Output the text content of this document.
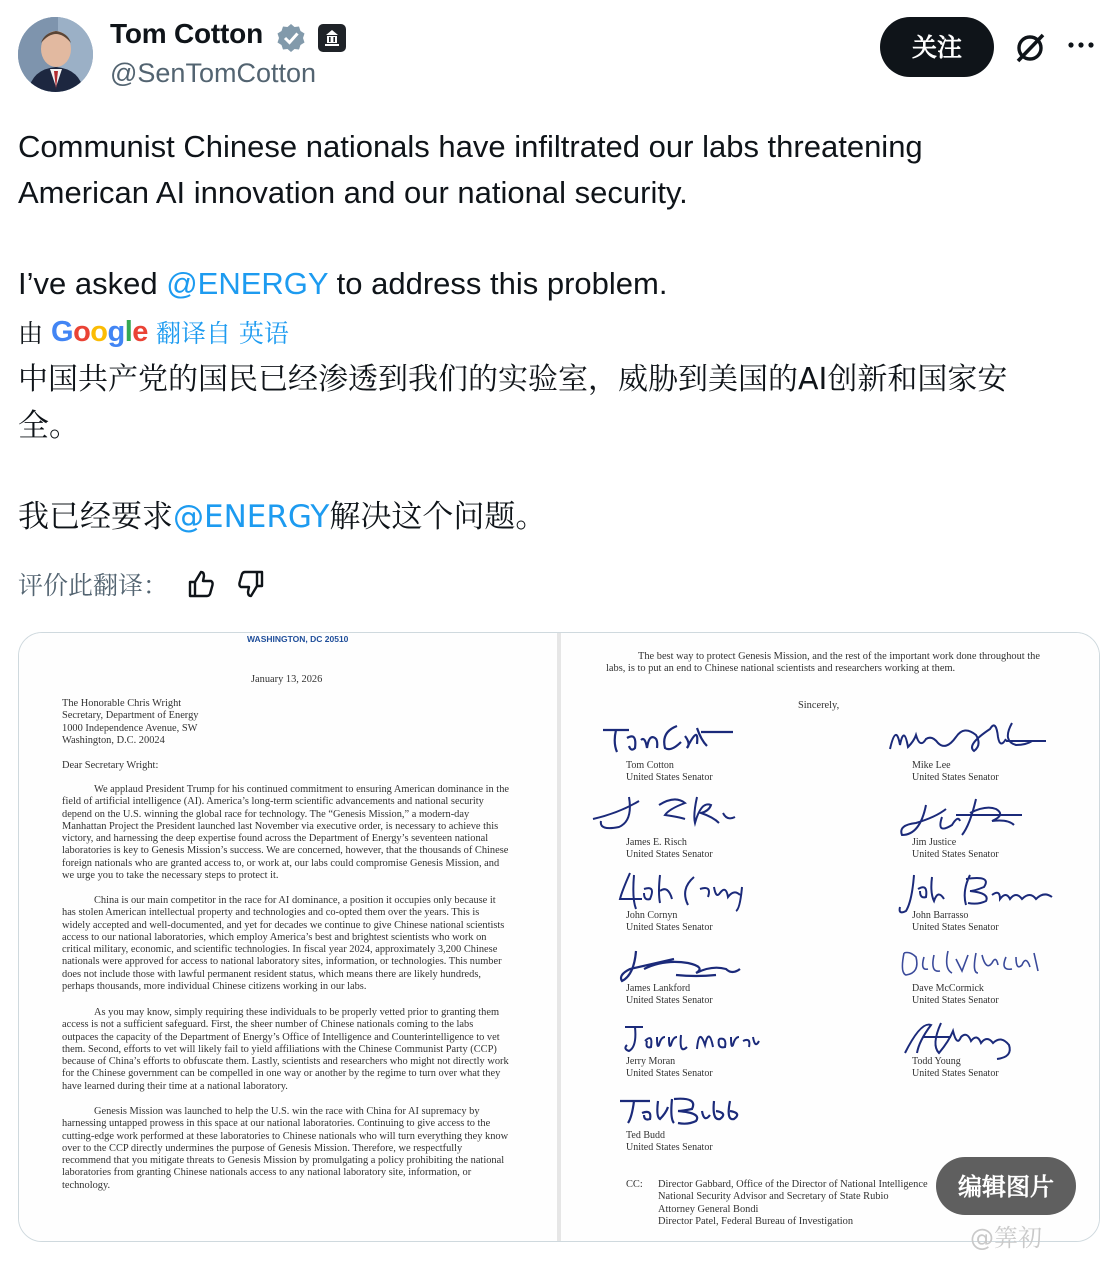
Tom Cotton
@SenTomCotton
关注
Communist Chinese nationals have infiltrated our labs threatening
American AI innovation and our national security.
I’ve asked @ENERGY to address this problem.
由 Google 翻译自 英语
中国共产党的国民已经渗透到我们的实验室，威胁到美国的AI创新和国家安
全。
我已经要求@ENERGY解决这个问题。
评价此翻译：
WASHINGTON, DC 20510
January 13, 2026

The Honorable Chris Wright

Secretary, Department of Energy

1000 Independence Avenue, SW

Washington, D.C. 20024

Dear Secretary Wright:

We applaud President Trump for his continued commitment to ensuring American dominance in the field of artificial intelligence (AI). America’s long-term scientific advancements and national security depend on the U.S. winning the global race for technology. The “Genesis Mission,” a modern-day Manhattan Project the President launched last November via executive order, is necessary to achieve this victory, and harnessing the deep expertise found across the Department of Energy’s seventeen national laboratories is key to Genesis Mission’s success. We are concerned, however, that the thousands of Chinese foreign nationals who are granted access to, or work at, our labs could compromise Genesis Mission, and we urge you to take the necessary steps to protect it.

China is our main competitor in the race for AI dominance, a position it occupies only because it has stolen American intellectual property and technologies and co-opted them over the years. This is widely accepted and well-documented, and yet for decades we continue to give Chinese national scientists access to our national laboratories, which employ America’s best and brightest scientists who work on critical military, economic, and scientific technologies. In fiscal year 2024, approximately 3,200 Chinese nationals were approved for access to national laboratory sites, information, or technologies. This number does not include those with lawful permanent resident status, which means there are likely hundreds, perhaps thousands, more individual Chinese citizens working in our labs.

As you may know, simply requiring these individuals to be properly vetted prior to granting them access is not a sufficient safeguard. First, the sheer number of Chinese nationals coming to the labs outpaces the capacity of the Department of Energy’s Office of Intelligence and Counterintelligence to vet them. Second, efforts to vet will likely fail to yield affiliations with the Chinese Communist Party (CCP) because of China’s efforts to obfuscate them. Lastly, scientists and researchers who might not directly work for the Chinese government can be compelled in one way or another by the regime to turn over what they have learned during their time at a national laboratory.

Genesis Mission was launched to help the U.S. win the race with China for AI supremacy by harnessing untapped prowess in this space at our national laboratories. Continuing to give access to the cutting-edge work performed at these laboratories to Chinese nationals who will turn everything they know over to the CCP directly undermines the purpose of Genesis Mission. Therefore, we respectfully recommend that you mitigate threats to Genesis Mission by promulgating a policy prohibiting the national laboratories from granting Chinese nationals access to any national laboratory site, information, or technology.

The best way to protect Genesis Mission, and the rest of the important work done throughout the labs, is to put an end to Chinese national scientists and researchers working at them.

Sincerely,
Tom Cotton
United States Senator
Mike Lee
United States Senator
James E. Risch
United States Senator
Jim Justice
United States Senator
John Cornyn
United States Senator
John Barrasso
United States Senator
James Lankford
United States Senator
Dave McCormick
United States Senator
Jerry Moran
United States Senator
Todd Young
United States Senator
Ted Budd
United States Senator
CC: Director Gabbard, Office of the Director of National Intelligence

National Security Advisor and Secretary of State Rubio

Attorney General Bondi

Director Patel, Federal Bureau of Investigation

编辑图片
@筭初
